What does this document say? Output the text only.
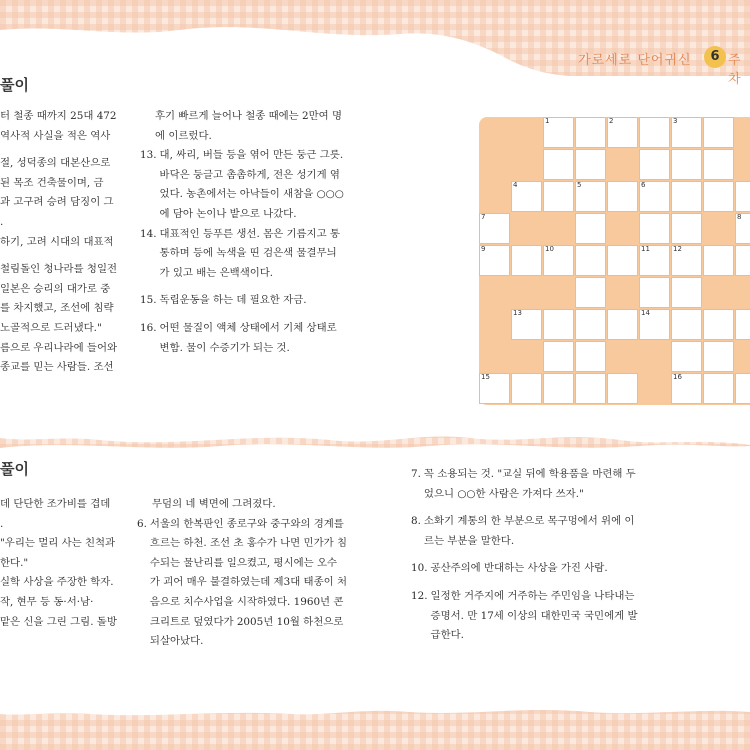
가로세로 단어귀신	6 주차
풀이

터 철종 때까지 25대 472

역사적 사실을 적은 역사

절, 성덕종의 대본산으로

된 목조 건축물이며, 금

과 고구려 승려 담징이 그

.

하기, 고려 시대의 대표적

철림돌인 청나라를 청일전

일본은 승리의 대가로 중

를 차지했고, 조선에 침략

노골적으로 드러냈다."

름으로 우리나라에 들어와

종교를 믿는 사람들. 조선

후기 빠르게 늘어나 철종 때에는 2만여 명에 이르렀다.
13. 대, 싸리, 버들 등을 엮어 만든 둥근 그릇. 바닥은 둥글고 촘촘하게, 전은 성기게 엮었다. 농촌에서는 아낙들이 새참을 ○○○에 담아 논이나 밭으로 나갔다.
14. 대표적인 등푸른 생선. 몸은 기름지고 통통하며 등에 녹색을 띤 검은색 물결무늬가 있고 배는 은백색이다.
15. 독립운동을 하는 데 필요한 자금.
16. 어떤 물질이 액체 상태에서 기체 상태로 변함. 물이 수증기가 되는 것.
1	2	3
4	5	6
7	8
9	10	11	12
13	14
15	16
풀이

데 단단한 조가비를 겹데

.

"우리는 멀리 사는 친척과

한다."

실학 사상을 주장한 학자.

작, 현무 등 동·서·남·

맡은 신을 그린 그림. 돌방

무덤의 네 벽면에 그려졌다.
6. 서울의 한복판인 종로구와 중구와의 경계를 흐르는 하천. 조선 초 홍수가 나면 민가가 침수되는 물난리를 일으켰고, 평시에는 오수가 괴어 매우 불결하였는데 제3대 태종이 처음으로 치수사업을 시작하였다. 1960년 콘크리트로 덮였다가 2005년 10월 하천으로 되살아났다.
7. 꼭 소용되는 것. "교실 뒤에 학용품을 마련해 두었으니 ○○한 사람은 가져다 쓰자."
8. 소화기 계통의 한 부분으로 목구멍에서 위에 이르는 부분을 말한다.
10. 공산주의에 반대하는 사상을 가진 사람.
12. 일정한 거주지에 거주하는 주민임을 나타내는 증명서. 만 17세 이상의 대한민국 국민에게 발급한다.
